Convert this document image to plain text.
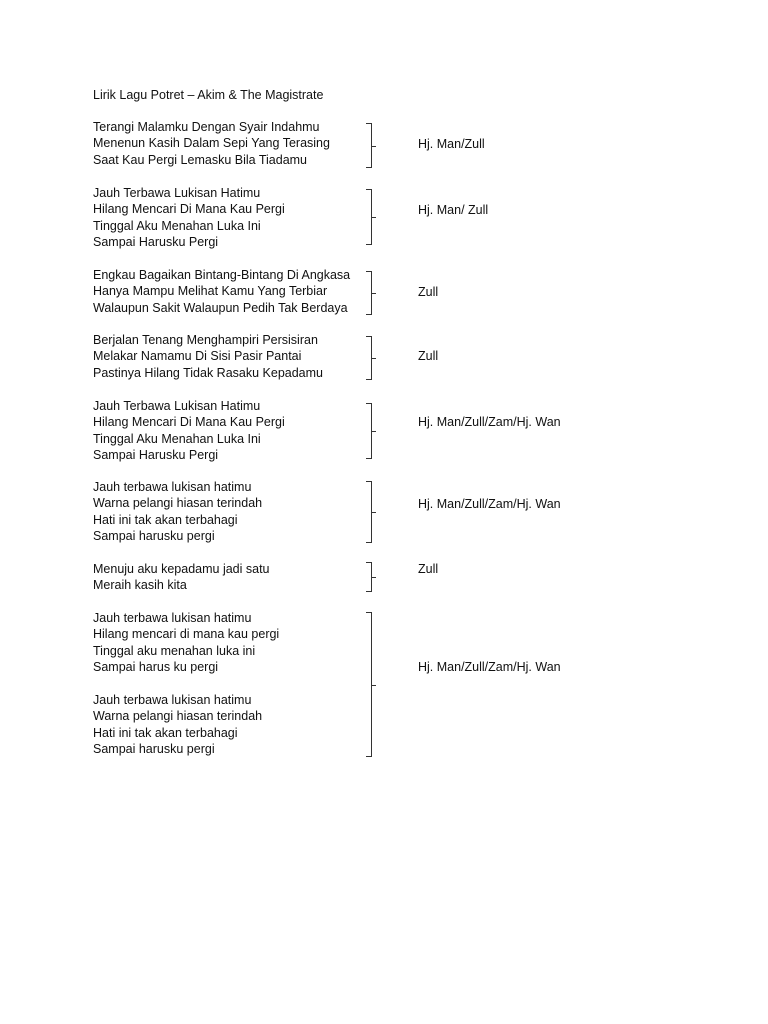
Lirik Lagu Potret – Akim & The Magistrate
Terangi Malamku Dengan Syair Indahmu
Menenun Kasih Dalam Sepi Yang Terasing
Saat Kau Pergi Lemasku Bila Tiadamu
Hj. Man/Zull
Jauh Terbawa Lukisan Hatimu
Hilang Mencari Di Mana Kau Pergi
Tinggal Aku Menahan Luka Ini
Sampai Harusku Pergi
Hj. Man/ Zull
Engkau Bagaikan Bintang-Bintang Di Angkasa
Hanya Mampu Melihat Kamu Yang Terbiar
Walaupun Sakit Walaupun Pedih Tak Berdaya
Zull
Berjalan Tenang Menghampiri Persisiran
Melakar Namamu Di Sisi Pasir Pantai
Pastinya Hilang Tidak Rasaku Kepadamu
Zull
Jauh Terbawa Lukisan Hatimu
Hilang Mencari Di Mana Kau Pergi
Tinggal Aku Menahan Luka Ini
Sampai Harusku Pergi
Hj. Man/Zull/Zam/Hj. Wan
Jauh terbawa lukisan hatimu
Warna pelangi hiasan terindah
Hati ini tak akan terbahagi
Sampai harusku pergi
Hj. Man/Zull/Zam/Hj. Wan
Menuju aku kepadamu jadi satu
Meraih kasih kita
Zull
Jauh terbawa lukisan hatimu
Hilang mencari di mana kau pergi
Tinggal aku menahan luka ini
Sampai harus ku pergi
Jauh terbawa lukisan hatimu
Warna pelangi hiasan terindah
Hati ini tak akan terbahagi
Sampai harusku pergi
Hj. Man/Zull/Zam/Hj. Wan
